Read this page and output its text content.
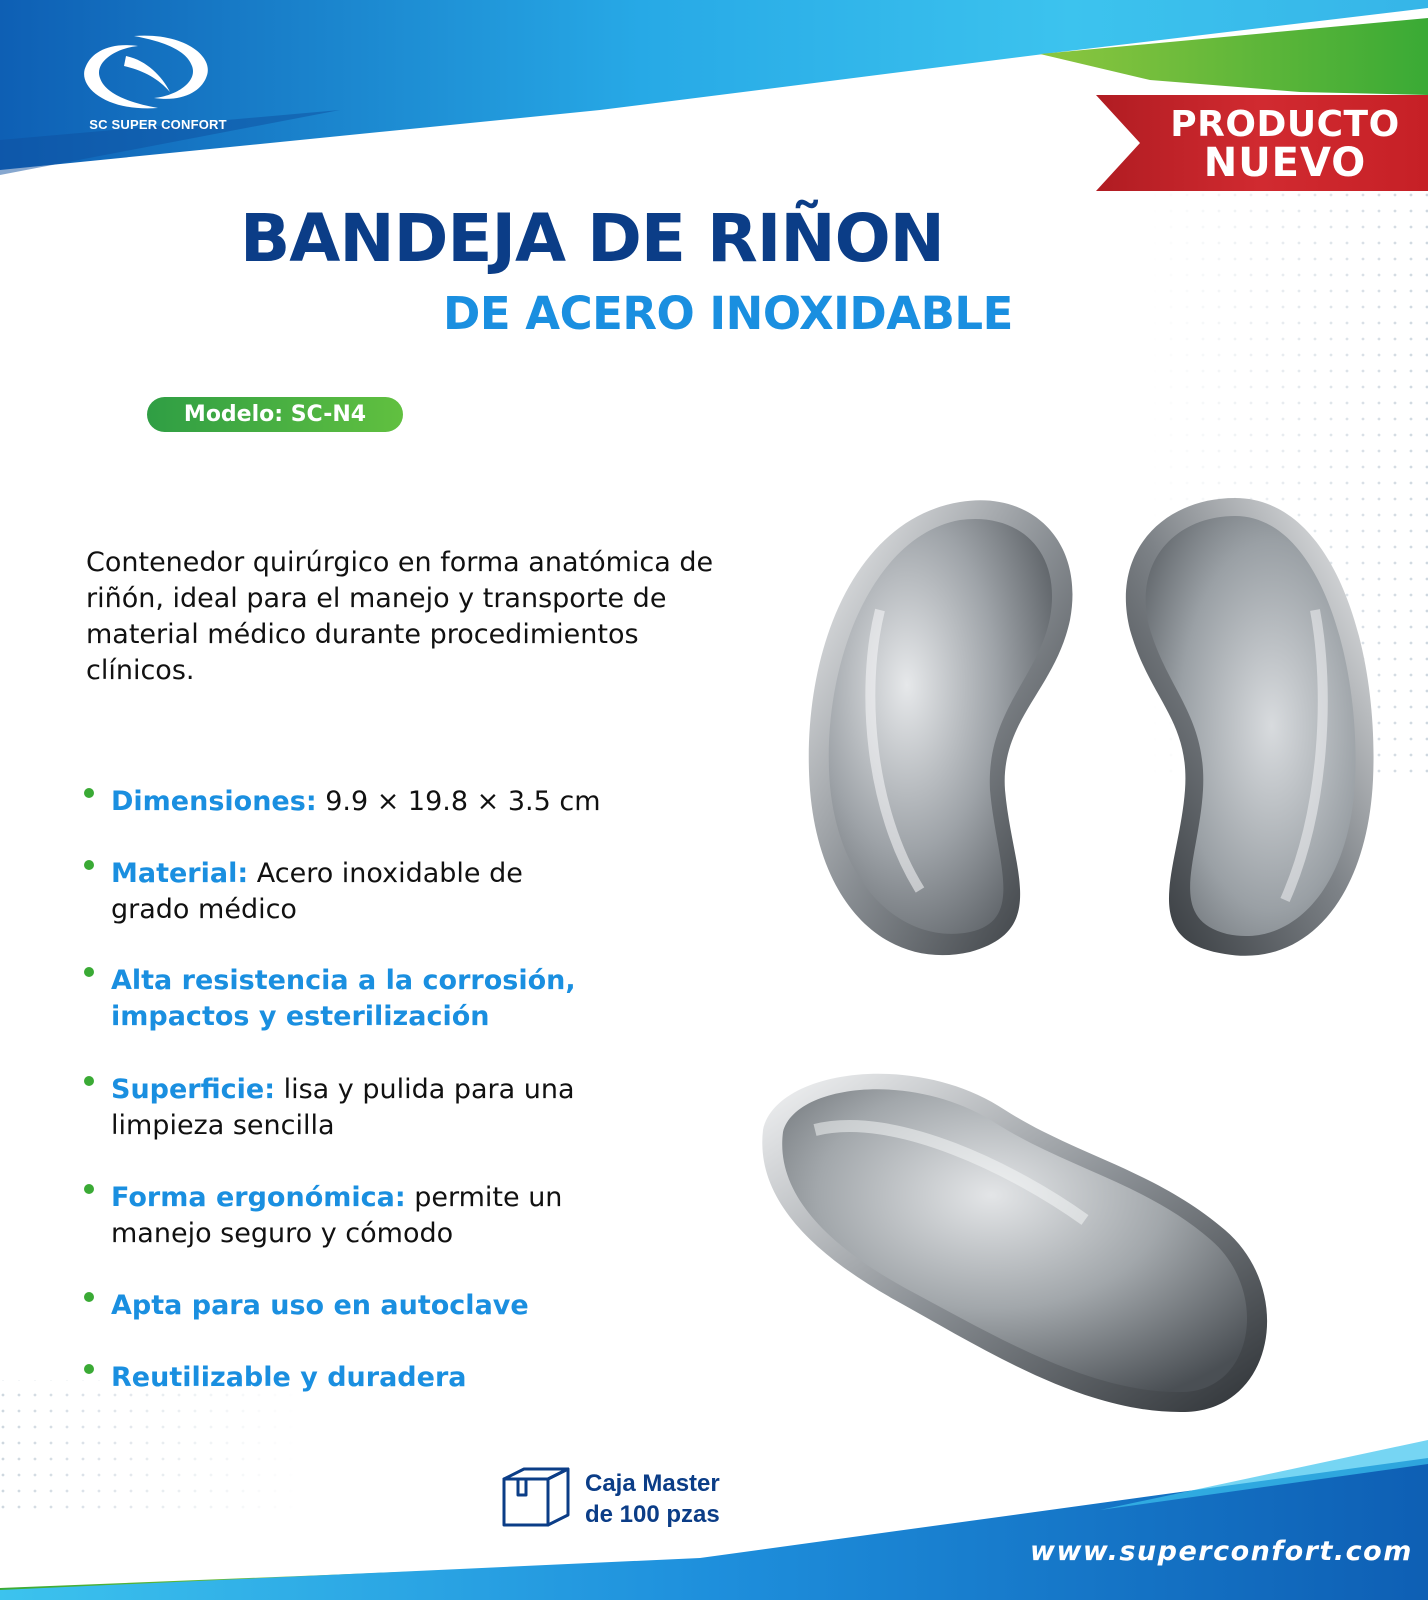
SC SUPER CONFORT	PRODUCTO
NUEVO
BANDEJA DE RIÑON
DE ACERO INOXIDABLE
Modelo: SC-N4
Contenedor quirúrgico en forma anatómica de riñón, ideal para el manejo y transporte de material médico durante procedimientos clínicos.
Dimensiones: 9.9 × 19.8 × 3.5 cm
Material: Acero inoxidable de grado médico
Alta resistencia a la corrosión, impactos y esterilización
Superficie: lisa y pulida para una limpieza sencilla
Forma ergonómica: permite un manejo seguro y cómodo
Apta para uso en autoclave
Reutilizable y duradera
Caja Master
de 100 pzas
www.superconfort.com
